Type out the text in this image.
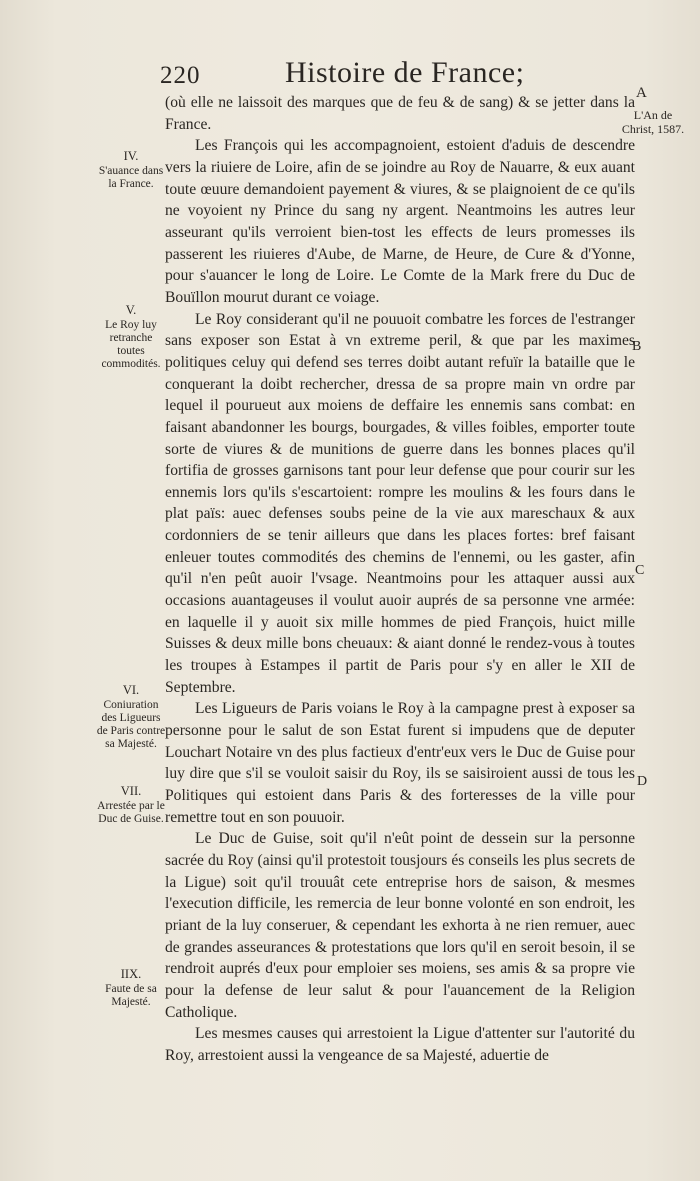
220	Histoire de France;
A
L'An de Christ, 1587.
B
C
D
IV.
S'auance dans la France.
V.
Le Roy luy retranche toutes commodités.
VI.
Coniuration des Ligueurs de Paris contre sa Majesté.
VII.
Arrestée par le Duc de Guise.
IIX.
Faute de sa Majesté.

(où elle ne laissoit des marques que de feu & de sang) & se jetter dans la France.

Les François qui les accompagnoient, estoient d'aduis de descendre vers la riuiere de Loire, afin de se joindre au Roy de Nauarre, & eux auant toute œuure demandoient payement & viures, & se plaignoient de ce qu'ils ne voyoient ny Prince du sang ny argent. Neantmoins les autres leur asseurant qu'ils verroient bien-tost les effects de leurs promesses ils passerent les riuieres d'Aube, de Marne, de Heure, de Cure & d'Yonne, pour s'auancer le long de Loire. Le Comte de la Mark frere du Duc de Bouïllon mourut durant ce voiage.

Le Roy considerant qu'il ne pouuoit combatre les forces de l'estranger sans exposer son Estat à vn extreme peril, & que par les maximes politiques celuy qui defend ses terres doibt autant refuïr la bataille que le conquerant la doibt rechercher, dressa de sa propre main vn ordre par lequel il pourueut aux moiens de deffaire les ennemis sans combat: en faisant abandonner les bourgs, bourgades, & villes foibles, emporter toute sorte de viures & de munitions de guerre dans les bonnes places qu'il fortifia de grosses garnisons tant pour leur defense que pour courir sur les ennemis lors qu'ils s'escartoient: rompre les moulins & les fours dans le plat païs: auec defenses soubs peine de la vie aux mareschaux & aux cordonniers de se tenir ailleurs que dans les places fortes: bref faisant enleuer toutes commodités des chemins de l'ennemi, ou les gaster, afin qu'il n'en peût auoir l'vsage. Neantmoins pour les attaquer aussi aux occasions auantageuses il voulut auoir auprés de sa personne vne armée: en laquelle il y auoit six mille hommes de pied François, huict mille Suisses & deux mille bons cheuaux: & aiant donné le rendez-vous à toutes les troupes à Estampes il partit de Paris pour s'y en aller le XII de Septembre.

Les Ligueurs de Paris voians le Roy à la campagne prest à exposer sa personne pour le salut de son Estat furent si impudens que de deputer Louchart Notaire vn des plus factieux d'entr'eux vers le Duc de Guise pour luy dire que s'il se vouloit saisir du Roy, ils se saisiroient aussi de tous les Politiques qui estoient dans Paris & des forteresses de la ville pour remettre tout en son pouuoir.

Le Duc de Guise, soit qu'il n'eût point de dessein sur la personne sacrée du Roy (ainsi qu'il protestoit tousjours és conseils les plus secrets de la Ligue) soit qu'il trouuât cete entreprise hors de saison, & mesmes l'execution difficile, les remercia de leur bonne volonté en son endroit, les priant de la luy conseruer, & cependant les exhorta à ne rien remuer, auec de grandes asseurances & protestations que lors qu'il en seroit besoin, il se rendroit auprés d'eux pour emploier ses moiens, ses amis & sa propre vie pour la defense de leur salut & pour l'auancement de la Religion Catholique.

Les mesmes causes qui arrestoient la Ligue d'attenter sur l'autorité du Roy, arrestoient aussi la vengeance de sa Majesté, aduertie de
